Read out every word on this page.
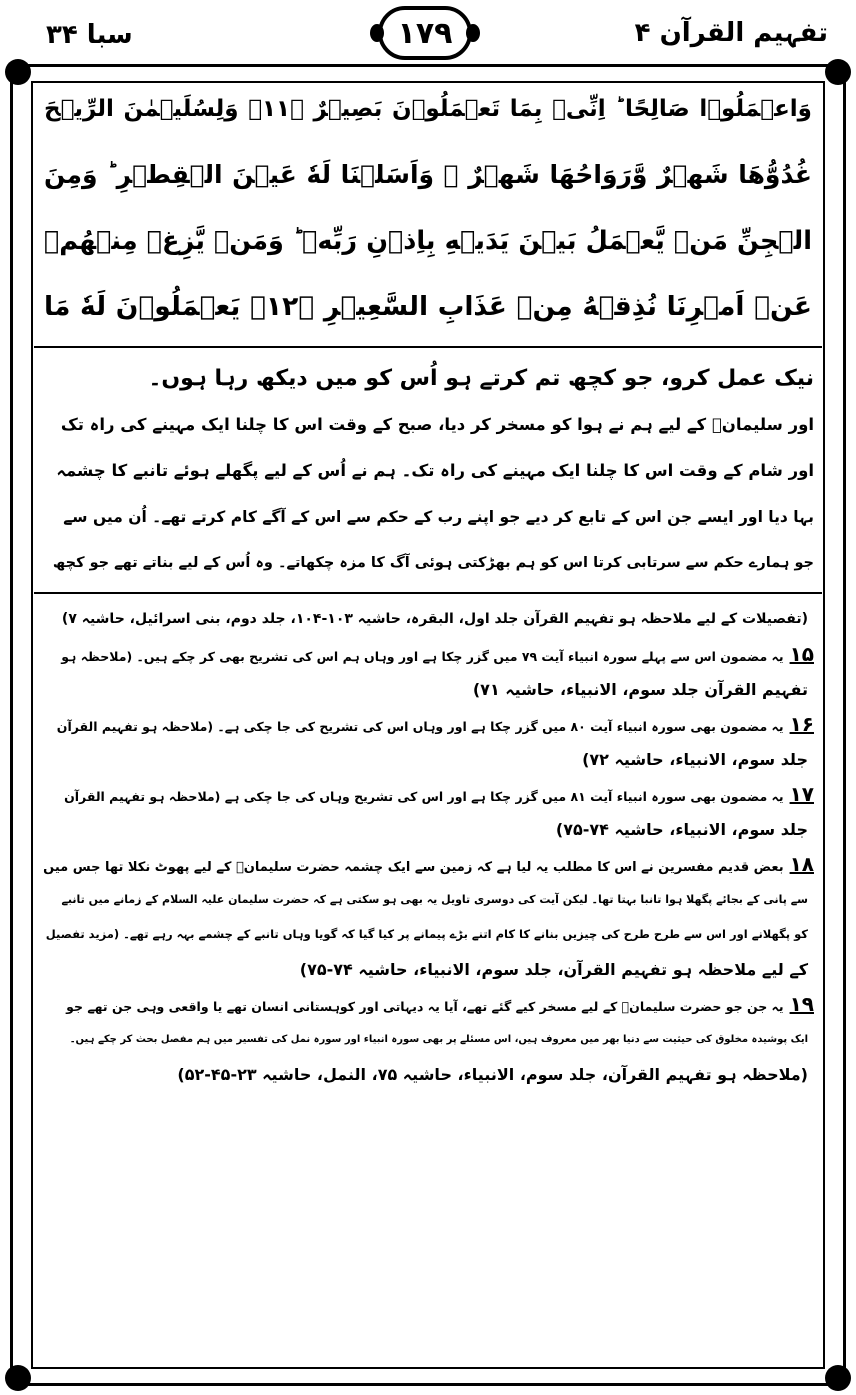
سبا ۳۴	۱۷۹	تفہیم القرآن ۴
وَاعۡمَلُوۡا صَالِحًا ؕ اِنِّیۡ بِمَا تَعۡمَلُوۡنَ بَصِیۡرٌ ﴿۱۱﴾ وَلِسُلَیۡمٰنَ الرِّیۡحَ
غُدُوُّهَا شَهۡرٌ وَّرَوَاحُهَا شَهۡرٌ ۚ وَاَسَلۡنَا لَهٗ عَیۡنَ الۡقِطۡرِ ؕ وَمِنَ
الۡجِنِّ مَنۡ یَّعۡمَلُ بَیۡنَ یَدَیۡهِ بِاِذۡنِ رَبِّهٖ ؕ وَمَنۡ یَّزِغۡ مِنۡهُمۡ
عَنۡ اَمۡرِنَا نُذِقۡهُ مِنۡ عَذَابِ السَّعِیۡرِ ﴿۱۲﴾ یَعۡمَلُوۡنَ لَهٗ مَا
نیک عمل کرو، جو کچھ تم کرتے ہو اُس کو میں دیکھ رہا ہوں۔
اور سلیمانؑ کے لیے ہم نے ہوا کو مسخر کر دیا، صبح کے وقت اس کا چلنا ایک مہینے کی راہ تک
اور شام کے وقت اس کا چلنا ایک مہینے کی راہ تک۔ ہم نے اُس کے لیے پگھلے ہوئے تانبے کا چشمہ
بہا دیا اور ایسے جن اس کے تابع کر دیے جو اپنے رب کے حکم سے اس کے آگے کام کرتے تھے۔ اُن میں سے
جو ہمارے حکم سے سرتابی کرتا اس کو ہم بھڑکتی ہوئی آگ کا مزہ چکھاتے۔ وہ اُس کے لیے بناتے تھے جو کچھ
(تفصیلات کے لیے ملاحظہ ہو تفہیم القرآن جلد اول، البقرہ، حاشیہ ۱۰۳-۱۰۴، جلد دوم، بنی اسرائیل، حاشیہ ۷)
۱۵یہ مضمون اس سے پہلے سورہ انبیاء آیت ۷۹ میں گزر چکا ہے اور وہاں ہم اس کی تشریح بھی کر چکے ہیں۔ (ملاحظہ ہو
تفہیم القرآن جلد سوم، الانبیاء، حاشیہ ۷۱)
۱۶یہ مضمون بھی سورہ انبیاء آیت ۸۰ میں گزر چکا ہے اور وہاں اس کی تشریح کی جا چکی ہے۔ (ملاحظہ ہو تفہیم القرآن
جلد سوم، الانبیاء، حاشیہ ۷۲)
۱۷یہ مضمون بھی سورہ انبیاء آیت ۸۱ میں گزر چکا ہے اور اس کی تشریح وہاں کی جا چکی ہے (ملاحظہ ہو تفہیم القرآن
جلد سوم، الانبیاء، حاشیہ ۷۴-۷۵)
۱۸بعض قدیم مفسرین نے اس کا مطلب یہ لیا ہے کہ زمین سے ایک چشمہ حضرت سلیمانؑ کے لیے پھوٹ نکلا تھا جس میں
سے پانی کے بجائے پگھلا ہوا تانبا بہتا تھا۔ لیکن آیت کی دوسری تاویل یہ بھی ہو سکتی ہے کہ حضرت سلیمان علیہ السلام کے زمانے میں تانبے
کو پگھلانے اور اس سے طرح طرح کی چیزیں بنانے کا کام اتنے بڑے پیمانے پر کیا گیا کہ گویا وہاں تانبے کے چشمے بہہ رہے تھے۔ (مزید تفصیل
کے لیے ملاحظہ ہو تفہیم القرآن، جلد سوم، الانبیاء، حاشیہ ۷۴-۷۵)
۱۹یہ جن جو حضرت سلیمانؑ کے لیے مسخر کیے گئے تھے، آیا یہ دیہاتی اور کوہستانی انسان تھے یا واقعی وہی جن تھے جو
ایک پوشیدہ مخلوق کی حیثیت سے دنیا بھر میں معروف ہیں، اس مسئلے پر بھی سورہ انبیاء اور سورہ نمل کی تفسیر میں ہم مفصل بحث کر چکے ہیں۔
(ملاحظہ ہو تفہیم القرآن، جلد سوم، الانبیاء، حاشیہ ۷۵، النمل، حاشیہ ۲۳-۴۵-۵۲)
